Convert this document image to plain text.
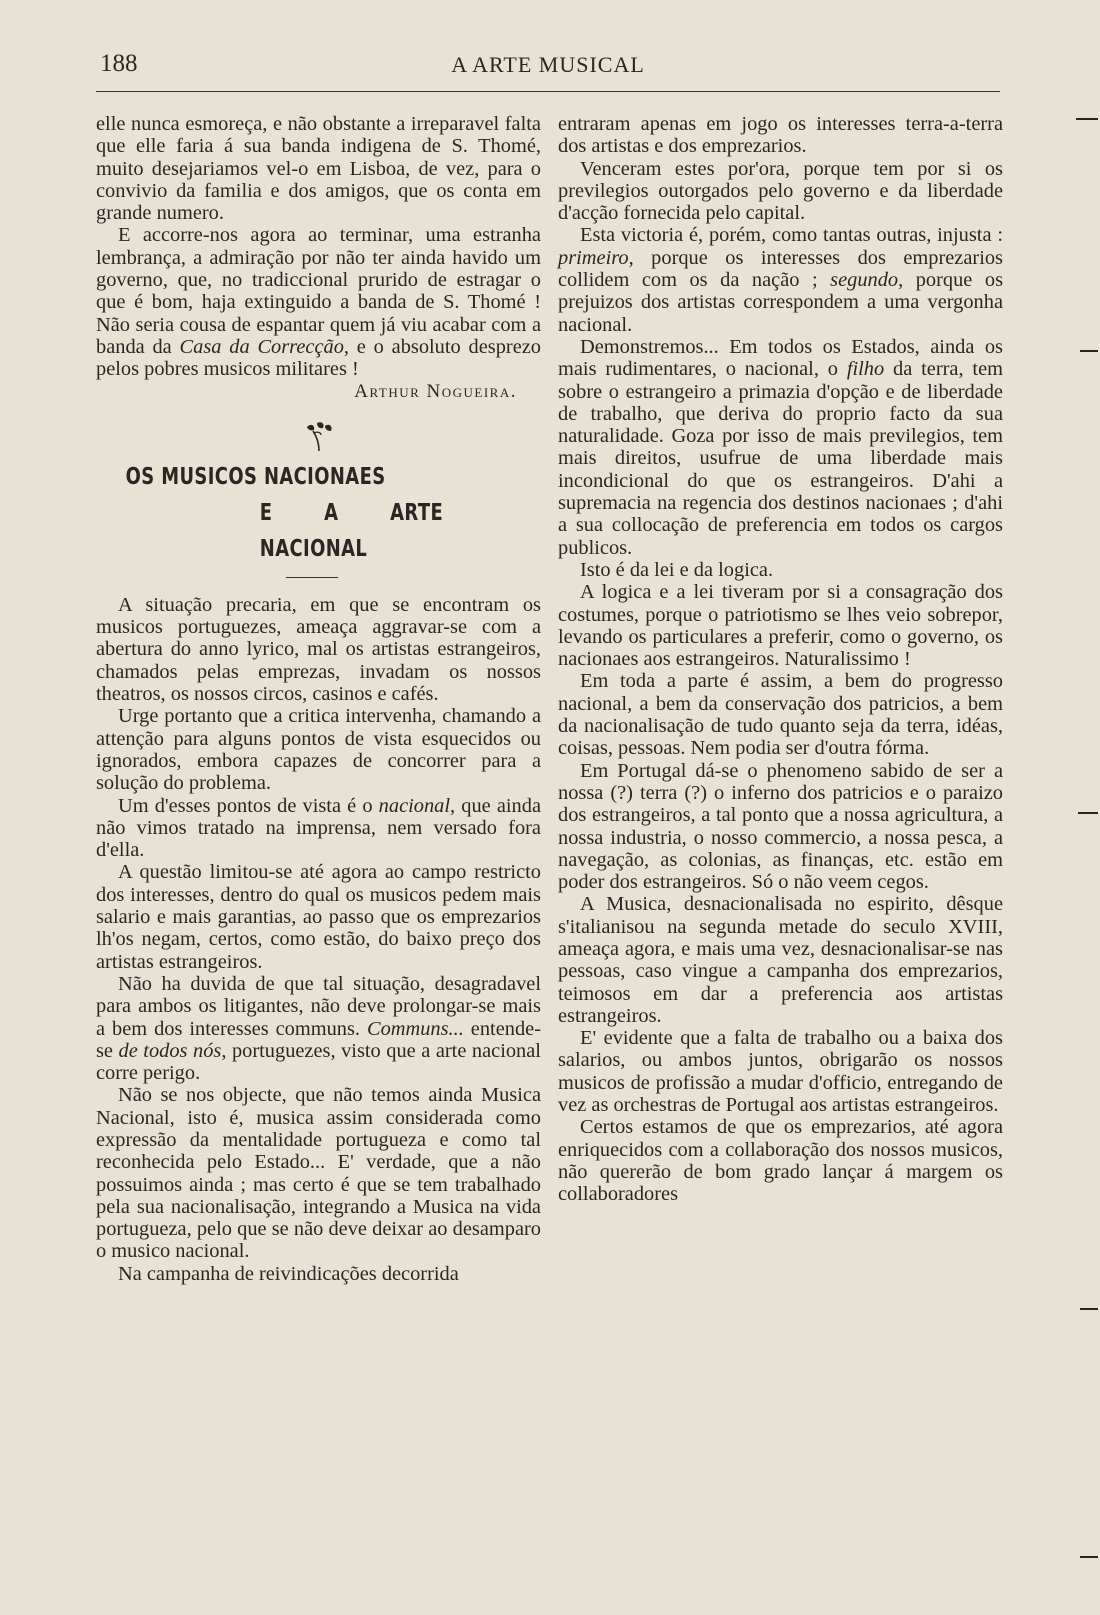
188	A ARTE MUSICAL

elle nunca esmoreça, e não obstante a irreparavel falta que elle faria á sua banda indigena de S. Thomé, muito desejariamos vel-o em Lisboa, de vez, para o convivio da familia e dos amigos, que os conta em grande numero.

E accorre-nos agora ao terminar, uma estranha lembrança, a admiração por não ter ainda havido um governo, que, no tradiccional prurido de estragar o que é bom, haja extinguido a banda de S. Thomé ! Não seria cousa de espantar quem já viu acabar com a banda da Casa da Correcção, e o absoluto desprezo pelos pobres musicos militares !

Arthur Nogueira.

OS MUSICOS NACIONAES
E A ARTE NACIONAL

A situação precaria, em que se encontram os musicos portuguezes, ameaça aggravar-se com a abertura do anno lyrico, mal os artistas estrangeiros, chamados pelas emprezas, invadam os nossos theatros, os nossos circos, casinos e cafés.

Urge portanto que a critica intervenha, chamando a attenção para alguns pontos de vista esquecidos ou ignorados, embora capazes de concorrer para a solução do problema.

Um d'esses pontos de vista é o nacional, que ainda não vimos tratado na imprensa, nem versado fora d'ella.

A questão limitou-se até agora ao campo restricto dos interesses, dentro do qual os musicos pedem mais salario e mais garantias, ao passo que os emprezarios lh'os negam, certos, como estão, do baixo preço dos artistas estrangeiros.

Não ha duvida de que tal situação, desagradavel para ambos os litigantes, não deve prolongar-se mais a bem dos interesses communs. Communs... entende-se de todos nós, portuguezes, visto que a arte nacional corre perigo.

Não se nos objecte, que não temos ainda Musica Nacional, isto é, musica assim considerada como expressão da mentalidade portugueza e como tal reconhecida pelo Estado... E' verdade, que a não possuimos ainda ; mas certo é que se tem trabalhado pela sua nacionalisação, integrando a Musica na vida portugueza, pelo que se não deve deixar ao desamparo o musico nacional.

Na campanha de reivindicações decorrida

entraram apenas em jogo os interesses terra-a-terra dos artistas e dos emprezarios.

Venceram estes por'ora, porque tem por si os previlegios outorgados pelo governo e da liberdade d'acção fornecida pelo capital.

Esta victoria é, porém, como tantas outras, injusta : primeiro, porque os interesses dos emprezarios collidem com os da nação ; segundo, porque os prejuizos dos artistas correspondem a uma vergonha nacional.

Demonstremos... Em todos os Estados, ainda os mais rudimentares, o nacional, o filho da terra, tem sobre o estrangeiro a primazia d'opção e de liberdade de trabalho, que deriva do proprio facto da sua naturalidade. Goza por isso de mais previlegios, tem mais direitos, usufrue de uma liberdade mais incondicional do que os estrangeiros. D'ahi a supremacia na regencia dos destinos nacionaes ; d'ahi a sua collocação de preferencia em todos os cargos publicos.

Isto é da lei e da logica.

A logica e a lei tiveram por si a consagração dos costumes, porque o patriotismo se lhes veio sobrepor, levando os particulares a preferir, como o governo, os nacionaes aos estrangeiros. Naturalissimo !

Em toda a parte é assim, a bem do progresso nacional, a bem da conservação dos patricios, a bem da nacionalisação de tudo quanto seja da terra, idéas, coisas, pessoas. Nem podia ser d'outra fórma.

Em Portugal dá-se o phenomeno sabido de ser a nossa (?) terra (?) o inferno dos patricios e o paraizo dos estrangeiros, a tal ponto que a nossa agricultura, a nossa industria, o nosso commercio, a nossa pesca, a navegação, as colonias, as finanças, etc. estão em poder dos estrangeiros. Só o não veem cegos.

A Musica, desnacionalisada no espirito, dêsque s'italianisou na segunda metade do seculo XVIII, ameaça agora, e mais uma vez, desnacionalisar-se nas pessoas, caso vingue a campanha dos emprezarios, teimosos em dar a preferencia aos artistas estrangeiros.

E' evidente que a falta de trabalho ou a baixa dos salarios, ou ambos juntos, obrigarão os nossos musicos de profissão a mudar d'officio, entregando de vez as orchestras de Portugal aos artistas estrangeiros.

Certos estamos de que os emprezarios, até agora enriquecidos com a collaboração dos nossos musicos, não quererão de bom grado lançar á margem os collaboradores
